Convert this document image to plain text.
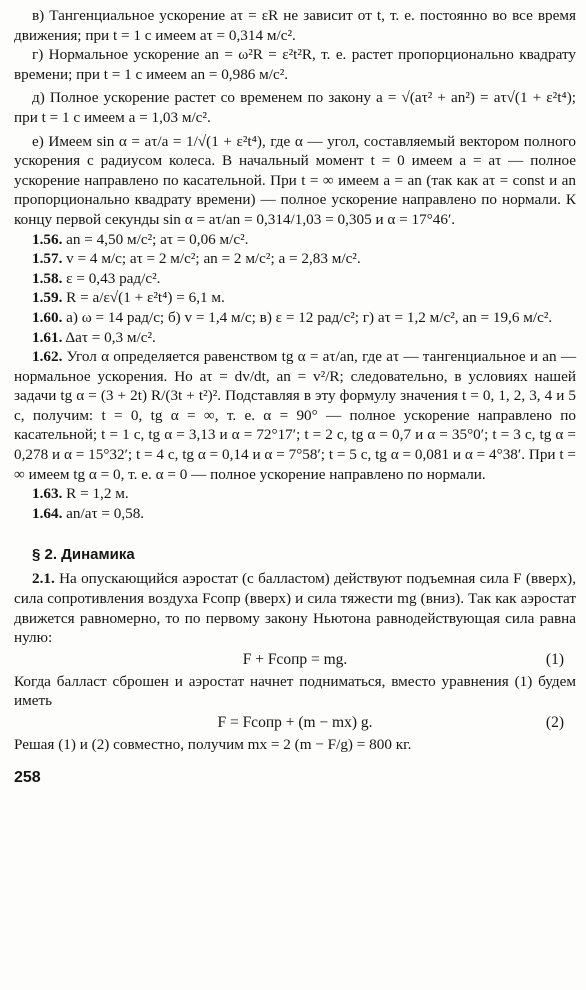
в) Тангенциальное ускорение aτ = εR не зависит от t, т. е. постоянно во все время движения; при t = 1 с имеем aτ = 0,314 м/с².

г) Нормальное ускорение an = ω²R = ε²t²R, т. е. растет пропорционально квадрату времени; при t = 1 с имеем an = 0,986 м/с².

д) Полное ускорение растет со временем по закону a = √(aτ² + an²) = aτ√(1 + ε²t⁴); при t = 1 с имеем a = 1,03 м/с².

е) Имеем sin α = aτ/a = 1/√(1 + ε²t⁴), где α — угол, составляемый вектором полного ускорения с радиусом колеса. В начальный момент t = 0 имеем a = aτ — полное ускорение направлено по касательной. При t = ∞ имеем a = an (так как aτ = const и an пропорционально квадрату времени) — полное ускорение направлено по нормали. К концу первой секунды sin α = aτ/an = 0,314/1,03 = 0,305 и α = 17°46′.

1.56. an = 4,50 м/с²; aτ = 0,06 м/с².

1.57. v = 4 м/с; aτ = 2 м/с²; an = 2 м/с²; a = 2,83 м/с².

1.58. ε = 0,43 рад/с².

1.59. R = a/ε√(1 + ε²t⁴) = 6,1 м.

1.60. а) ω = 14 рад/с; б) v = 1,4 м/с; в) ε = 12 рад/с²; г) aτ = 1,2 м/с², an = 19,6 м/с².

1.61. Δaτ = 0,3 м/с².

1.62. Угол α определяется равенством tg α = aτ/an, где aτ — тангенциальное и an — нормальное ускорения. Но aτ = dv/dt, an = v²/R; следовательно, в условиях нашей задачи tg α = (3 + 2t) R/(3t + t²)². Подставляя в эту формулу значения t = 0, 1, 2, 3, 4 и 5 с, получим: t = 0, tg α = ∞, т. е. α = 90° — полное ускорение направлено по касательной; t = 1 с, tg α = 3,13 и α = 72°17′; t = 2 с, tg α = 0,7 и α = 35°0′; t = 3 с, tg α = 0,278 и α = 15°32′; t = 4 с, tg α = 0,14 и α = 7°58′; t = 5 с, tg α = 0,081 и α = 4°38′. При t = ∞ имеем tg α = 0, т. е. α = 0 — полное ускорение направлено по нормали.

1.63. R = 1,2 м.

1.64. an/aτ = 0,58.

§ 2. Динамика

2.1. На опускающийся аэростат (с балластом) действуют подъемная сила F (вверх), сила сопротивления воздуха Fсопр (вверх) и сила тяжести mg (вниз). Так как аэростат движется равномерно, то по первому закону Ньютона равнодействующая сила равна нулю:

F + Fсопр = mg.	(1)

Когда балласт сброшен и аэростат начнет подниматься, вместо уравнения (1) будем иметь

F = Fсопр + (m − mx) g.	(2)

Решая (1) и (2) совместно, получим mx = 2 (m − F/g) = 800 кг.

258
